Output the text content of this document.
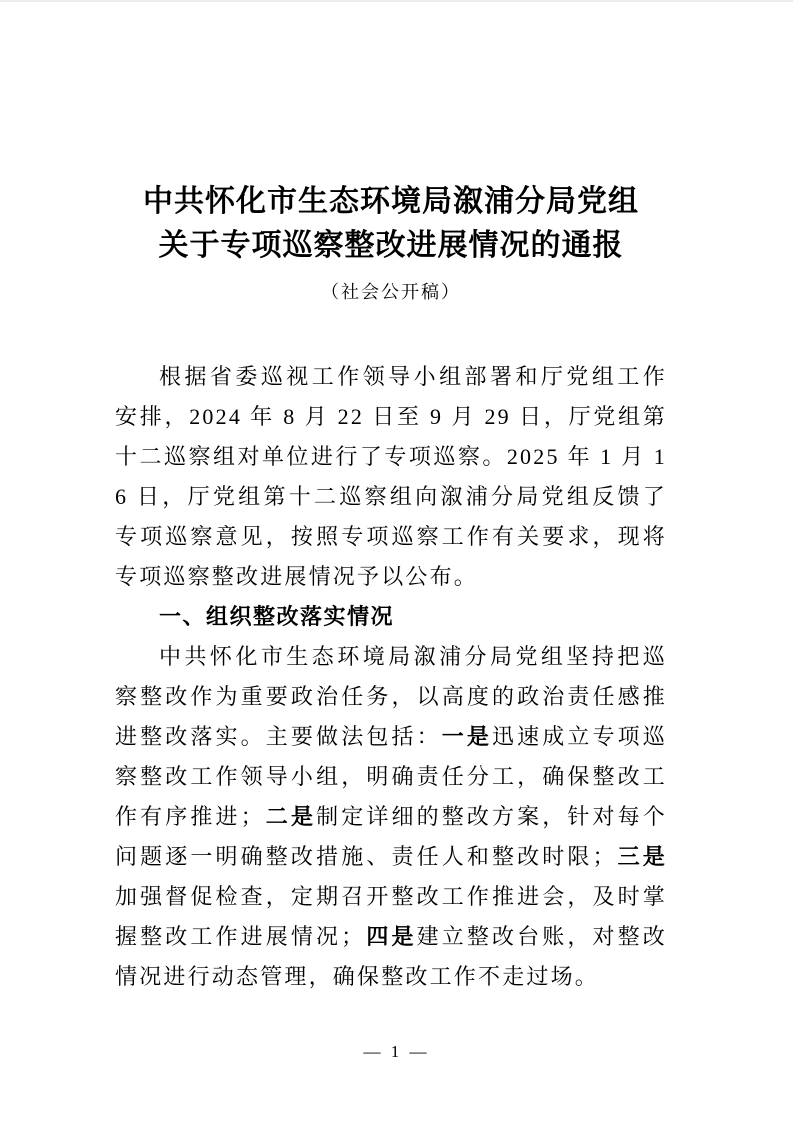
中共怀化市生态环境局溆浦分局党组
关于专项巡察整改进展情况的通报
（社会公开稿）

根据省委巡视工作领导小组部署和厅党组工作安排，2024 年 8 月 22 日至 9 月 29 日，厅党组第十二巡察组对单位进行了专项巡察。2025 年 1 月 16 日，厅党组第十二巡察组向溆浦分局党组反馈了专项巡察意见，按照专项巡察工作有关要求，现将专项巡察整改进展情况予以公布。

一、组织整改落实情况

中共怀化市生态环境局溆浦分局党组坚持把巡察整改作为重要政治任务，以高度的政治责任感推进整改落实。主要做法包括：一是迅速成立专项巡察整改工作领导小组，明确责任分工，确保整改工作有序推进；二是制定详细的整改方案，针对每个问题逐一明确整改措施、责任人和整改时限；三是加强督促检查，定期召开整改工作推进会，及时掌握整改工作进展情况；四是建立整改台账，对整改情况进行动态管理，确保整改工作不走过场。

— 1 —
